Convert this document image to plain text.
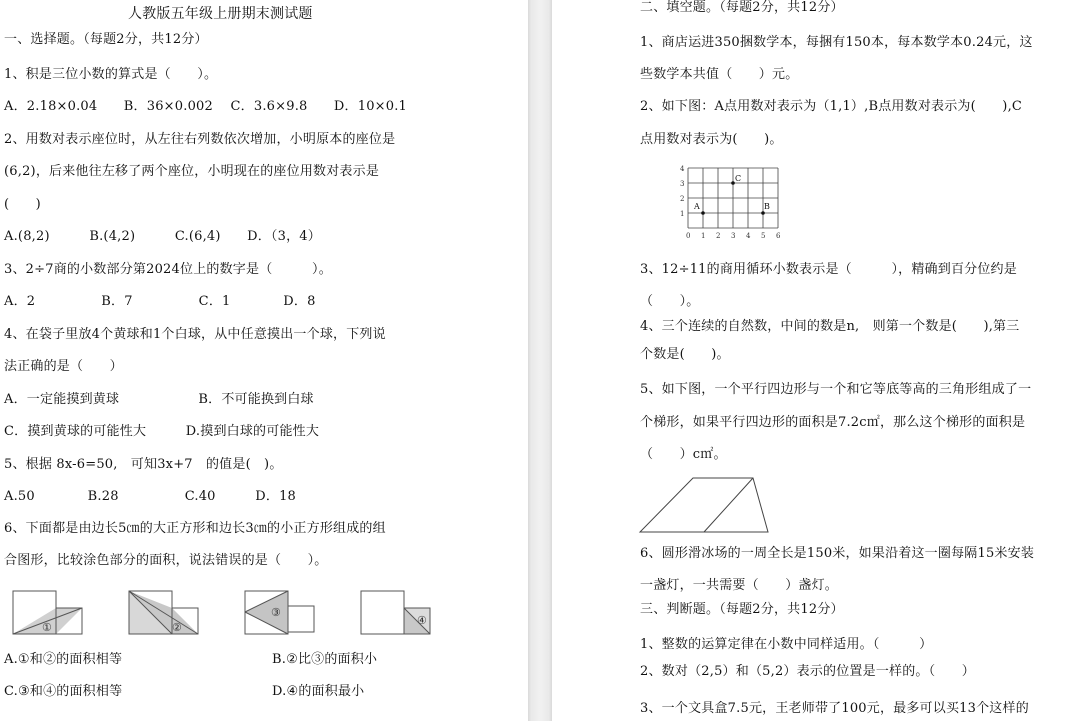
人教版五年级上册期末测试题
一、选择题。（每题2分，共12分）
1、积是三位小数的算式是（　　）。
A．2.18×0.04　　B．36×0.002　 C．3.6×9.8　　D．10×0.1
2、用数对表示座位时，从左往右列数依次增加，小明原本的座位是
(6,2)，后来他往左移了两个座位，小明现在的座位用数对表示是
(　　)
A.(8,2)　　　B.(4,2)　　　C.(6,4)　　D．（3，4）
3、2÷7商的小数部分第2024位上的数字是（　　　）。
A．2　　　　　B．7　　　　　C．1　　　　D．8
4、在袋子里放4个黄球和1个白球，从中任意摸出一个球，下列说
法正确的是（　　）
A．一定能摸到黄球　　　　　　B．不可能换到白球
C．摸到黄球的可能性大　　　D.摸到白球的可能性大
5、根据 8x-6=50,　可知3x+7　的值是(　)。
A.50　　　　B.28　　　　　C.40　　　D．18
6、下面都是由边长5㎝的大正方形和边长3㎝的小正方形组成的组
合图形，比较涂色部分的面积，说法错误的是（　　）。
①	②
③
④
A.①和②的面积相等	B.②比③的面积小
C.③和④的面积相等	D.④的面积最小
二、填空题。（每题2分，共12分）
1、商店运进350捆数学本，每捆有150本，每本数学本0.24元，这
些数学本共值（　　）元。
2、如下图：A点用数对表示为（1,1）,B点用数对表示为(　　),C
点用数对表示为(　　)。
A	B
C
0 1 2 3 4 5 6
1
2
3
4
3、12÷11的商用循环小数表示是（　　　），精确到百分位约是
（　　）。
4、三个连续的自然数，中间的数是n,　则第一个数是(　　),第三
个数是(　　)。
5、如下图，一个平行四边形与一个和它等底等高的三角形组成了一
个梯形，如果平行四边形的面积是7.2c㎡，那么这个梯形的面积是
（　　）c㎡。
6、圆形滑冰场的一周全长是150米，如果沿着这一圈每隔15米安装
一盏灯，一共需要（　　）盏灯。
三、判断题。（每题2分，共12分）
1、整数的运算定律在小数中同样适用。（　　　）
2、数对（2,5）和（5,2）表示的位置是一样的。（　　）
3、一个文具盒7.5元，王老师带了100元，最多可以买13个这样的
